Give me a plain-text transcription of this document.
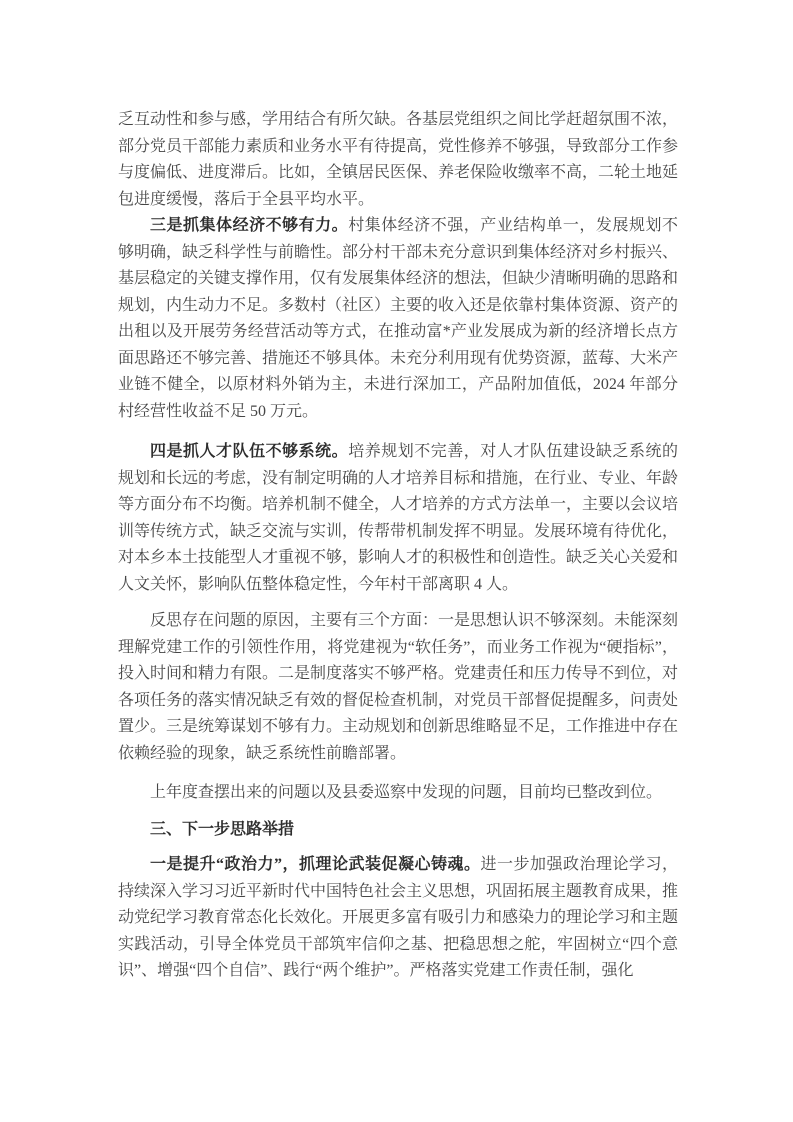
乏互动性和参与感，学用结合有所欠缺。各基层党组织之间比学赶超氛围不浓，部分党员干部能力素质和业务水平有待提高，党性修养不够强，导致部分工作参与度偏低、进度滞后。比如，全镇居民医保、养老保险收缴率不高，二轮土地延包进度缓慢，落后于全县平均水平。

三是抓集体经济不够有力。村集体经济不强，产业结构单一，发展规划不够明确，缺乏科学性与前瞻性。部分村干部未充分意识到集体经济对乡村振兴、基层稳定的关键支撑作用，仅有发展集体经济的想法，但缺少清晰明确的思路和规划，内生动力不足。多数村（社区）主要的收入还是依靠村集体资源、资产的出租以及开展劳务经营活动等方式，在推动富*产业发展成为新的经济增长点方面思路还不够完善、措施还不够具体。未充分利用现有优势资源，蓝莓、大米产业链不健全，以原材料外销为主，未进行深加工，产品附加值低，2024 年部分村经营性收益不足 50 万元。

四是抓人才队伍不够系统。培养规划不完善，对人才队伍建设缺乏系统的规划和长远的考虑，没有制定明确的人才培养目标和措施，在行业、专业、年龄等方面分布不均衡。培养机制不健全，人才培养的方式方法单一，主要以会议培训等传统方式，缺乏交流与实训，传帮带机制发挥不明显。发展环境有待优化，对本乡本土技能型人才重视不够，影响人才的积极性和创造性。缺乏关心关爱和人文关怀，影响队伍整体稳定性，今年村干部离职 4 人。

反思存在问题的原因，主要有三个方面：一是思想认识不够深刻。未能深刻理解党建工作的引领性作用，将党建视为“软任务”，而业务工作视为“硬指标”，投入时间和精力有限。二是制度落实不够严格。党建责任和压力传导不到位，对各项任务的落实情况缺乏有效的督促检查机制，对党员干部督促提醒多，问责处置少。三是统筹谋划不够有力。主动规划和创新思维略显不足，工作推进中存在依赖经验的现象，缺乏系统性前瞻部署。

上年度查摆出来的问题以及县委巡察中发现的问题，目前均已整改到位。

三、下一步思路举措

一是提升“政治力”，抓理论武装促凝心铸魂。进一步加强政治理论学习，持续深入学习习近平新时代中国特色社会主义思想，巩固拓展主题教育成果，推动党纪学习教育常态化长效化。开展更多富有吸引力和感染力的理论学习和主题实践活动，引导全体党员干部筑牢信仰之基、把稳思想之舵，牢固树立“四个意识”、增强“四个自信”、践行“两个维护”。严格落实党建工作责任制，强化
